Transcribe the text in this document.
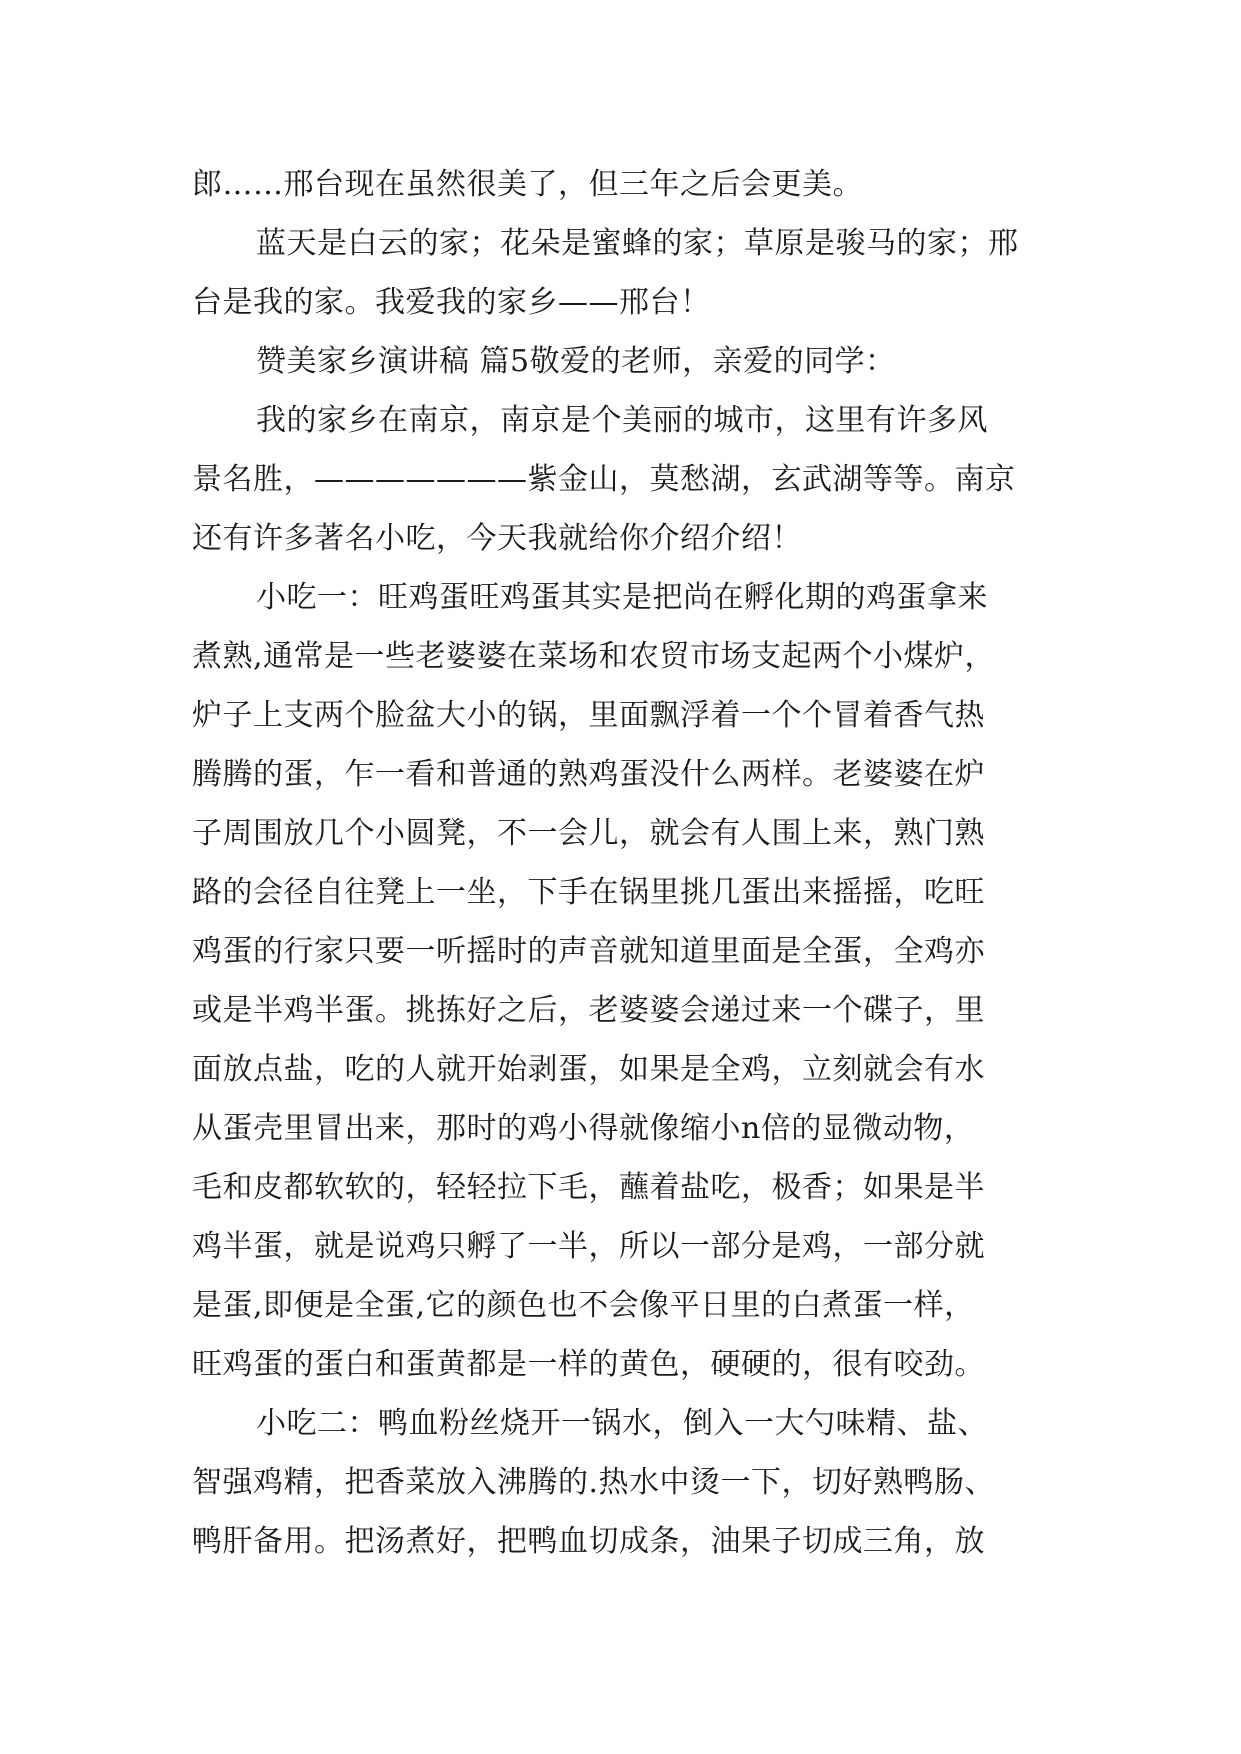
郎……邢台现在虽然很美了，但三年之后会更美。
蓝天是白云的家；花朵是蜜蜂的家；草原是骏马的家；邢
台是我的家。我爱我的家乡——邢台！
赞美家乡演讲稿 篇5敬爱的老师，亲爱的同学：
我的家乡在南京，南京是个美丽的城市，这里有许多风
景名胜，———————紫金山，莫愁湖，玄武湖等等。南京
还有许多著名小吃，今天我就给你介绍介绍！
小吃一：旺鸡蛋旺鸡蛋其实是把尚在孵化期的鸡蛋拿来
煮熟,通常是一些老婆婆在菜场和农贸市场支起两个小煤炉，
炉子上支两个脸盆大小的锅，里面飘浮着一个个冒着香气热
腾腾的蛋，乍一看和普通的熟鸡蛋没什么两样。老婆婆在炉
子周围放几个小圆凳，不一会儿，就会有人围上来，熟门熟
路的会径自往凳上一坐，下手在锅里挑几蛋出来摇摇，吃旺
鸡蛋的行家只要一听摇时的声音就知道里面是全蛋，全鸡亦
或是半鸡半蛋。挑拣好之后，老婆婆会递过来一个碟子，里
面放点盐，吃的人就开始剥蛋，如果是全鸡，立刻就会有水
从蛋壳里冒出来，那时的鸡小得就像缩小n倍的显微动物，
毛和皮都软软的，轻轻拉下毛，蘸着盐吃，极香；如果是半
鸡半蛋，就是说鸡只孵了一半，所以一部分是鸡，一部分就
是蛋,即便是全蛋,它的颜色也不会像平日里的白煮蛋一样，
旺鸡蛋的蛋白和蛋黄都是一样的黄色，硬硬的，很有咬劲。
小吃二：鸭血粉丝烧开一锅水，倒入一大勺味精、盐、
智强鸡精，把香菜放入沸腾的.热水中烫一下，切好熟鸭肠、
鸭肝备用。把汤煮好，把鸭血切成条，油果子切成三角，放
